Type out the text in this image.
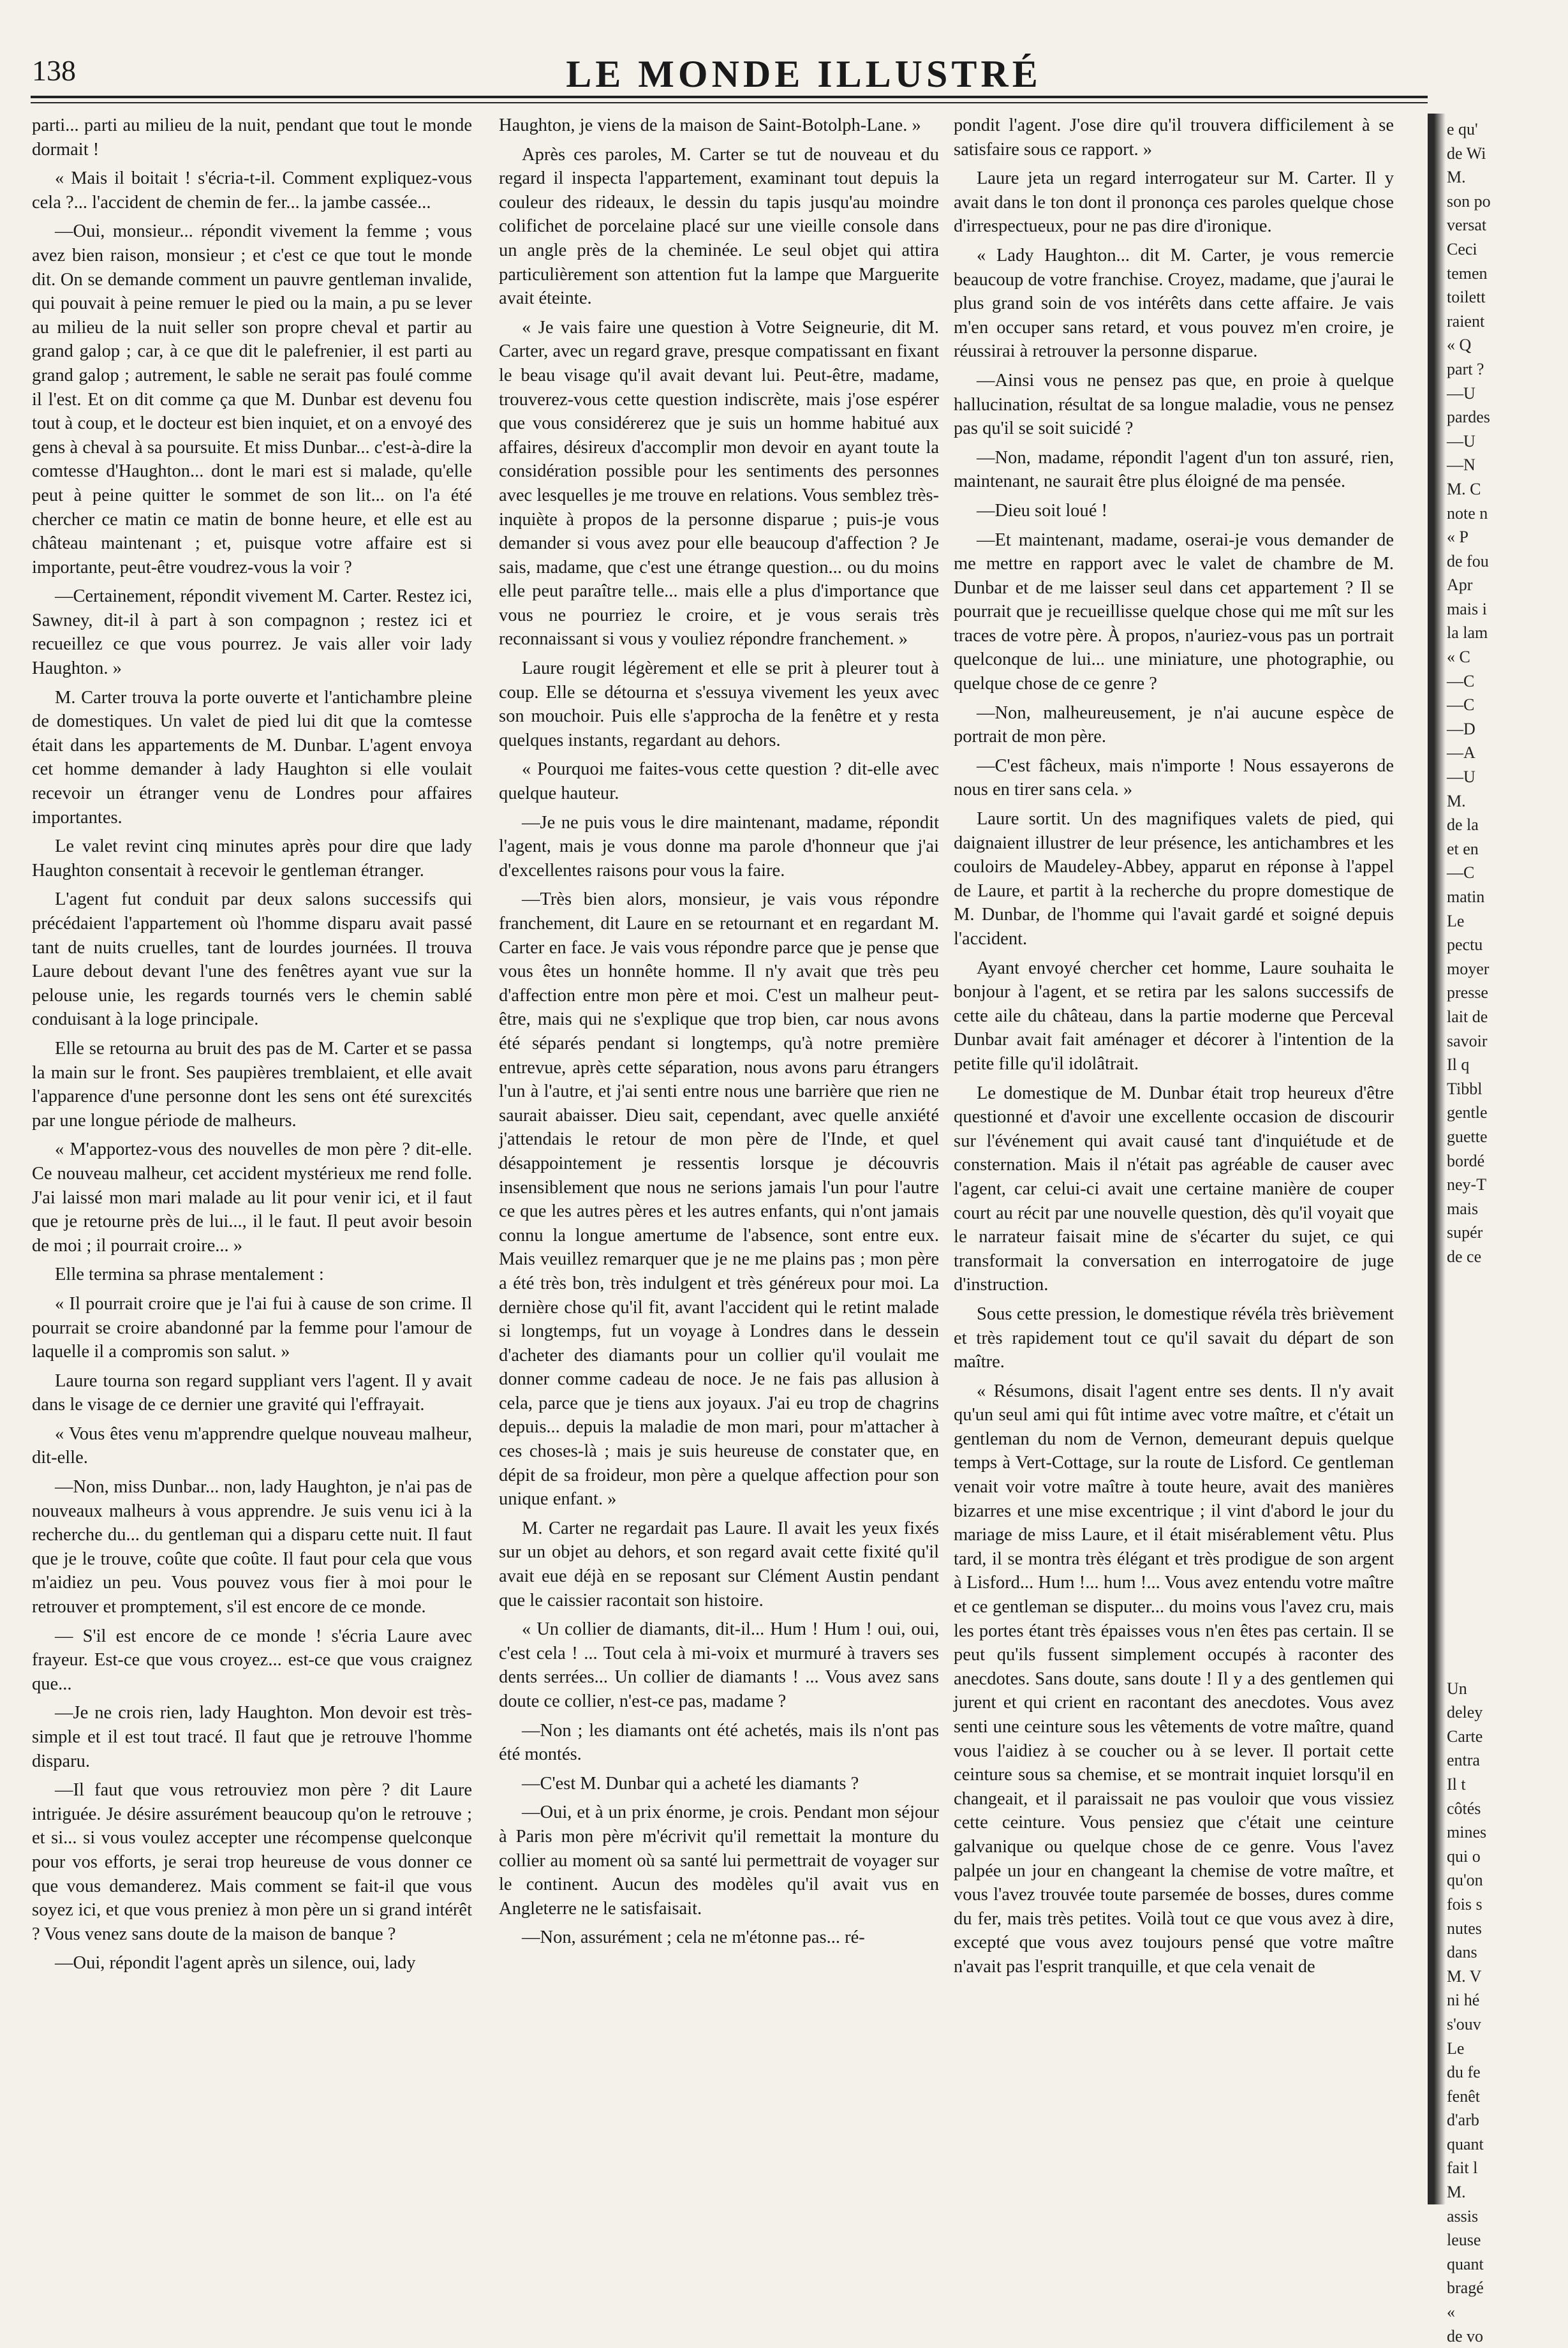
138	LE MONDE ILLUSTRÉ

parti... parti au milieu de la nuit, pendant que tout le monde dormait !

« Mais il boitait ! s'écria-t-il. Comment expliquez-vous cela ?... l'accident de chemin de fer... la jambe cassée...

—Oui, monsieur... répondit vivement la femme ; vous avez bien raison, monsieur ; et c'est ce que tout le monde dit. On se demande comment un pauvre gentleman invalide, qui pouvait à peine remuer le pied ou la main, a pu se lever au milieu de la nuit seller son propre cheval et partir au grand galop ; car, à ce que dit le palefrenier, il est parti au grand galop ; autrement, le sable ne serait pas foulé comme il l'est. Et on dit comme ça que M. Dunbar est devenu fou tout à coup, et le docteur est bien inquiet, et on a envoyé des gens à cheval à sa poursuite. Et miss Dunbar... c'est-à-dire la comtesse d'Haughton... dont le mari est si malade, qu'elle peut à peine quitter le sommet de son lit... on l'a été chercher ce matin ce matin de bonne heure, et elle est au château maintenant ; et, puisque votre affaire est si importante, peut-être voudrez-vous la voir ?

—Certainement, répondit vivement M. Carter. Restez ici, Sawney, dit-il à part à son compagnon ; restez ici et recueillez ce que vous pourrez. Je vais aller voir lady Haughton. »

M. Carter trouva la porte ouverte et l'antichambre pleine de domestiques. Un valet de pied lui dit que la comtesse était dans les appartements de M. Dunbar. L'agent envoya cet homme demander à lady Haughton si elle voulait recevoir un étranger venu de Londres pour affaires importantes.

Le valet revint cinq minutes après pour dire que lady Haughton consentait à recevoir le gentleman étranger.

L'agent fut conduit par deux salons successifs qui précédaient l'appartement où l'homme disparu avait passé tant de nuits cruelles, tant de lourdes journées. Il trouva Laure debout devant l'une des fenêtres ayant vue sur la pelouse unie, les regards tournés vers le chemin sablé conduisant à la loge principale.

Elle se retourna au bruit des pas de M. Carter et se passa la main sur le front. Ses paupières tremblaient, et elle avait l'apparence d'une personne dont les sens ont été surexcités par une longue période de malheurs.

« M'apportez-vous des nouvelles de mon père ? dit-elle. Ce nouveau malheur, cet accident mystérieux me rend folle. J'ai laissé mon mari malade au lit pour venir ici, et il faut que je retourne près de lui..., il le faut. Il peut avoir besoin de moi ; il pourrait croire... »

Elle termina sa phrase mentalement :

« Il pourrait croire que je l'ai fui à cause de son crime. Il pourrait se croire abandonné par la femme pour l'amour de laquelle il a compromis son salut. »

Laure tourna son regard suppliant vers l'agent. Il y avait dans le visage de ce dernier une gravité qui l'effrayait.

« Vous êtes venu m'apprendre quelque nouveau malheur, dit-elle.

—Non, miss Dunbar... non, lady Haughton, je n'ai pas de nouveaux malheurs à vous apprendre. Je suis venu ici à la recherche du... du gentleman qui a disparu cette nuit. Il faut que je le trouve, coûte que coûte. Il faut pour cela que vous m'aidiez un peu. Vous pouvez vous fier à moi pour le retrouver et promptement, s'il est encore de ce monde.

— S'il est encore de ce monde ! s'écria Laure avec frayeur. Est-ce que vous croyez... est-ce que vous craignez que...

—Je ne crois rien, lady Haughton. Mon devoir est très-simple et il est tout tracé. Il faut que je retrouve l'homme disparu.

—Il faut que vous retrouviez mon père ? dit Laure intriguée. Je désire assurément beaucoup qu'on le retrouve ; et si... si vous voulez accepter une récompense quelconque pour vos efforts, je serai trop heureuse de vous donner ce que vous demanderez. Mais comment se fait-il que vous soyez ici, et que vous preniez à mon père un si grand intérêt ? Vous venez sans doute de la maison de banque ?

—Oui, répondit l'agent après un silence, oui, lady

Haughton, je viens de la maison de Saint-Botolph-Lane. »

Après ces paroles, M. Carter se tut de nouveau et du regard il inspecta l'appartement, examinant tout depuis la couleur des rideaux, le dessin du tapis jusqu'au moindre colifichet de porcelaine placé sur une vieille console dans un angle près de la cheminée. Le seul objet qui attira particulièrement son attention fut la lampe que Marguerite avait éteinte.

« Je vais faire une question à Votre Seigneurie, dit M. Carter, avec un regard grave, presque compatissant en fixant le beau visage qu'il avait devant lui. Peut-être, madame, trouverez-vous cette question indiscrète, mais j'ose espérer que vous considérerez que je suis un homme habitué aux affaires, désireux d'accomplir mon devoir en ayant toute la considération possible pour les sentiments des personnes avec lesquelles je me trouve en relations. Vous semblez très-inquiète à propos de la personne disparue ; puis-je vous demander si vous avez pour elle beaucoup d'affection ? Je sais, madame, que c'est une étrange question... ou du moins elle peut paraître telle... mais elle a plus d'importance que vous ne pourriez le croire, et je vous serais très reconnaissant si vous y vouliez répondre franchement. »

Laure rougit légèrement et elle se prit à pleurer tout à coup. Elle se détourna et s'essuya vivement les yeux avec son mouchoir. Puis elle s'approcha de la fenêtre et y resta quelques instants, regardant au dehors.

« Pourquoi me faites-vous cette question ? dit-elle avec quelque hauteur.

—Je ne puis vous le dire maintenant, madame, répondit l'agent, mais je vous donne ma parole d'honneur que j'ai d'excellentes raisons pour vous la faire.

—Très bien alors, monsieur, je vais vous répondre franchement, dit Laure en se retournant et en regardant M. Carter en face. Je vais vous répondre parce que je pense que vous êtes un honnête homme. Il n'y avait que très peu d'affection entre mon père et moi. C'est un malheur peut-être, mais qui ne s'explique que trop bien, car nous avons été séparés pendant si longtemps, qu'à notre première entrevue, après cette séparation, nous avons paru étrangers l'un à l'autre, et j'ai senti entre nous une barrière que rien ne saurait abaisser. Dieu sait, cependant, avec quelle anxiété j'attendais le retour de mon père de l'Inde, et quel désappointement je ressentis lorsque je découvris insensiblement que nous ne serions jamais l'un pour l'autre ce que les autres pères et les autres enfants, qui n'ont jamais connu la longue amertume de l'absence, sont entre eux. Mais veuillez remarquer que je ne me plains pas ; mon père a été très bon, très indulgent et très généreux pour moi. La dernière chose qu'il fit, avant l'accident qui le retint malade si longtemps, fut un voyage à Londres dans le dessein d'acheter des diamants pour un collier qu'il voulait me donner comme cadeau de noce. Je ne fais pas allusion à cela, parce que je tiens aux joyaux. J'ai eu trop de chagrins depuis... depuis la maladie de mon mari, pour m'attacher à ces choses-là ; mais je suis heureuse de constater que, en dépit de sa froideur, mon père a quelque affection pour son unique enfant. »

M. Carter ne regardait pas Laure. Il avait les yeux fixés sur un objet au dehors, et son regard avait cette fixité qu'il avait eue déjà en se reposant sur Clément Austin pendant que le caissier racontait son histoire.

« Un collier de diamants, dit-il... Hum ! Hum ! oui, oui, c'est cela ! ... Tout cela à mi-voix et murmuré à travers ses dents serrées... Un collier de diamants ! ... Vous avez sans doute ce collier, n'est-ce pas, madame ?

—Non ; les diamants ont été achetés, mais ils n'ont pas été montés.

—C'est M. Dunbar qui a acheté les diamants ?

—Oui, et à un prix énorme, je crois. Pendant mon séjour à Paris mon père m'écrivit qu'il remettait la monture du collier au moment où sa santé lui permettrait de voyager sur le continent. Aucun des modèles qu'il avait vus en Angleterre ne le satisfaisait.

—Non, assurément ; cela ne m'étonne pas... ré-

pondit l'agent. J'ose dire qu'il trouvera difficilement à se satisfaire sous ce rapport. »

Laure jeta un regard interrogateur sur M. Carter. Il y avait dans le ton dont il prononça ces paroles quelque chose d'irrespectueux, pour ne pas dire d'ironique.

« Lady Haughton... dit M. Carter, je vous remercie beaucoup de votre franchise. Croyez, madame, que j'aurai le plus grand soin de vos intérêts dans cette affaire. Je vais m'en occuper sans retard, et vous pouvez m'en croire, je réussirai à retrouver la personne disparue.

—Ainsi vous ne pensez pas que, en proie à quelque hallucination, résultat de sa longue maladie, vous ne pensez pas qu'il se soit suicidé ?

—Non, madame, répondit l'agent d'un ton assuré, rien, maintenant, ne saurait être plus éloigné de ma pensée.

—Dieu soit loué !

—Et maintenant, madame, oserai-je vous demander de me mettre en rapport avec le valet de chambre de M. Dunbar et de me laisser seul dans cet appartement ? Il se pourrait que je recueillisse quelque chose qui me mît sur les traces de votre père. À propos, n'auriez-vous pas un portrait quelconque de lui... une miniature, une photographie, ou quelque chose de ce genre ?

—Non, malheureusement, je n'ai aucune espèce de portrait de mon père.

—C'est fâcheux, mais n'importe ! Nous essayerons de nous en tirer sans cela. »

Laure sortit. Un des magnifiques valets de pied, qui daignaient illustrer de leur présence, les antichambres et les couloirs de Maudeley-Abbey, apparut en réponse à l'appel de Laure, et partit à la recherche du propre domestique de M. Dunbar, de l'homme qui l'avait gardé et soigné depuis l'accident.

Ayant envoyé chercher cet homme, Laure souhaita le bonjour à l'agent, et se retira par les salons successifs de cette aile du château, dans la partie moderne que Perceval Dunbar avait fait aménager et décorer à l'intention de la petite fille qu'il idolâtrait.

Le domestique de M. Dunbar était trop heureux d'être questionné et d'avoir une excellente occasion de discourir sur l'événement qui avait causé tant d'inquiétude et de consternation. Mais il n'était pas agréable de causer avec l'agent, car celui-ci avait une certaine manière de couper court au récit par une nouvelle question, dès qu'il voyait que le narrateur faisait mine de s'écarter du sujet, ce qui transformait la conversation en interrogatoire de juge d'instruction.

Sous cette pression, le domestique révéla très brièvement et très rapidement tout ce qu'il savait du départ de son maître.

« Résumons, disait l'agent entre ses dents. Il n'y avait qu'un seul ami qui fût intime avec votre maître, et c'était un gentleman du nom de Vernon, demeurant depuis quelque temps à Vert-Cottage, sur la route de Lisford. Ce gentleman venait voir votre maître à toute heure, avait des manières bizarres et une mise excentrique ; il vint d'abord le jour du mariage de miss Laure, et il était misérablement vêtu. Plus tard, il se montra très élégant et très prodigue de son argent à Lisford... Hum !... hum !... Vous avez entendu votre maître et ce gentleman se disputer... du moins vous l'avez cru, mais les portes étant très épaisses vous n'en êtes pas certain. Il se peut qu'ils fussent simplement occupés à raconter des anecdotes. Sans doute, sans doute ! Il y a des gentlemen qui jurent et qui crient en racontant des anecdotes. Vous avez senti une ceinture sous les vêtements de votre maître, quand vous l'aidiez à se coucher ou à se lever. Il portait cette ceinture sous sa chemise, et se montrait inquiet lorsqu'il en changeait, et il paraissait ne pas vouloir que vous vissiez cette ceinture. Vous pensiez que c'était une ceinture galvanique ou quelque chose de ce genre. Vous l'avez palpée un jour en changeant la chemise de votre maître, et vous l'avez trouvée toute parsemée de bosses, dures comme du fer, mais très petites. Voilà tout ce que vous avez à dire, excepté que vous avez toujours pensé que votre maître n'avait pas l'esprit tranquille, et que cela venait de

e qu'
de Wi
M.
son po
versat
Ceci
temen
toilett
raient
« Q
part ?
—U
pardes
—U
—N
M. C
note n
« P
de fou
Apr
mais i
la lam
« C
—C
—C
—D
—A
—U
M.
de la
et en
—C
matin
Le
pectu
moyer
presse
lait de
savoir
Il q
Tibbl
gentle
guette
bordé
ney-T
mais
supér
de ce
Un
deley
Carte
entra
Il t
côtés
mines
qui o
qu'on
fois s
nutes
dans
M. V
ni hé
s'ouv
Le
du fe
fenêt
d'arb
quant
fait l
M.
assis
leuse
quant
bragé
«
de vo
